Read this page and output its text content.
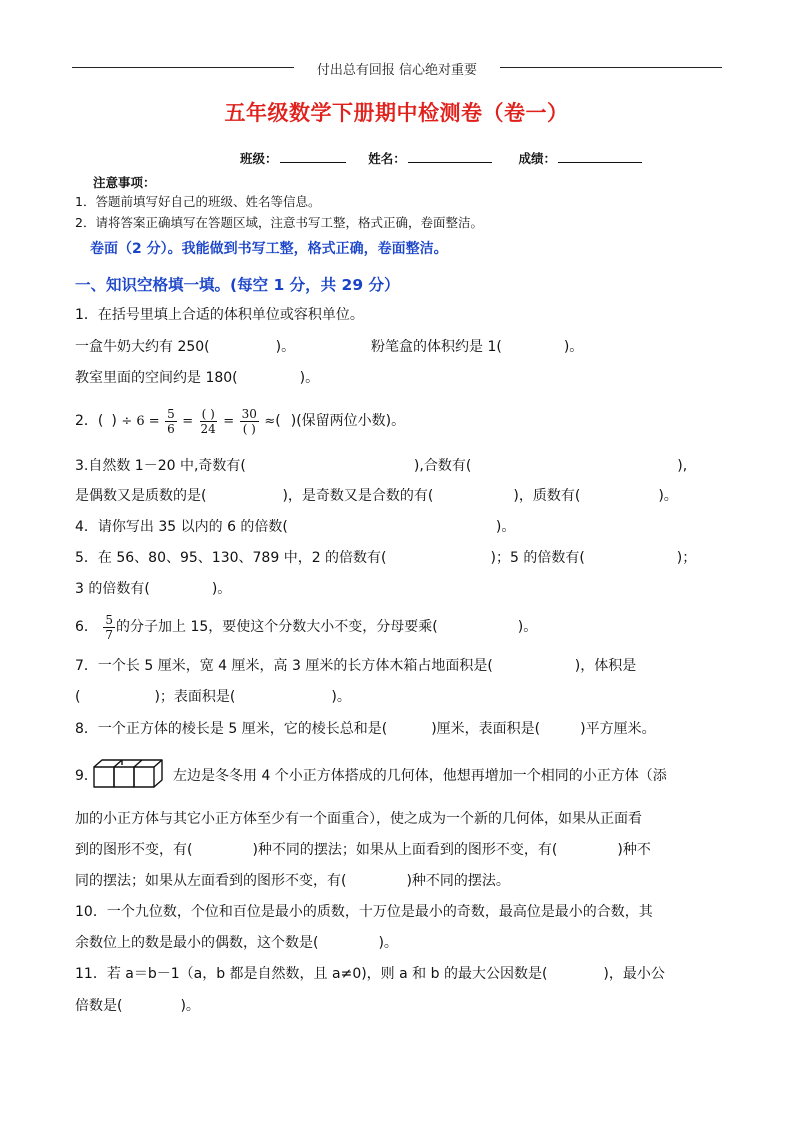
付出总有回报 信心绝对重要
五年级数学下册期中检测卷（卷一）
班级：	姓名：	成绩：
注意事项：
1．答题前填写好自己的班级、姓名等信息。
2．请将答案正确填写在答题区域，注意书写工整，格式正确，卷面整洁。
卷面（2 分）。我能做到书写工整，格式正确，卷面整洁。
一、知识空格填一填。(每空 1 分，共 29 分）
1．在括号里填上合适的体积单位或容积单位。
一盒牛奶大约有 250(	)。	粉笔盒的体积约是 1(	)。
教室里面的空间约是 180(	)。
2．( ) ÷ $6 = \frac{5}{6} = \frac{( )}{24} = \frac{30}{( )}$ ≈( )(保留两位小数)。
3.自然数 1－20 中,奇数有(	),合数有(	),
是偶数又是质数的是(	)，是奇数又是合数的有(	)，质数有(	)。
4．请你写出 35 以内的 6 的倍数(	)。
5．在 56、80、95、130、789 中，2 的倍数有(	)；5 的倍数有(	)；
3 的倍数有(	)。
6． $\frac{5}{7}$ 的分子加上 15，要使这个分数大小不变，分母要乘(	)。
7．一个长 5 厘米，宽 4 厘米，高 3 厘米的长方体木箱占地面积是(	)，体积是
(	)；表面积是(	)。
8．一个正方体的棱长是 5 厘米，它的棱长总和是(	)厘米，表面积是(	)平方厘米。
9．	左边是冬冬用 4 个小正方体搭成的几何体，他想再增加一个相同的小正方体（添
加的小正方体与其它小正方体至少有一个面重合），使之成为一个新的几何体，如果从正面看
到的图形不变，有(	)种不同的摆法；如果从上面看到的图形不变，有(	)种不
同的摆法；如果从左面看到的图形不变，有(	)种不同的摆法。
10．一个九位数，个位和百位是最小的质数，十万位是最小的奇数，最高位是最小的合数，其
余数位上的数是最小的偶数，这个数是(	)。
11．若 a＝b－1（a，b 都是自然数，且 a≠0)，则 a 和 b 的最大公因数是(	)，最小公
倍数是(	)。
